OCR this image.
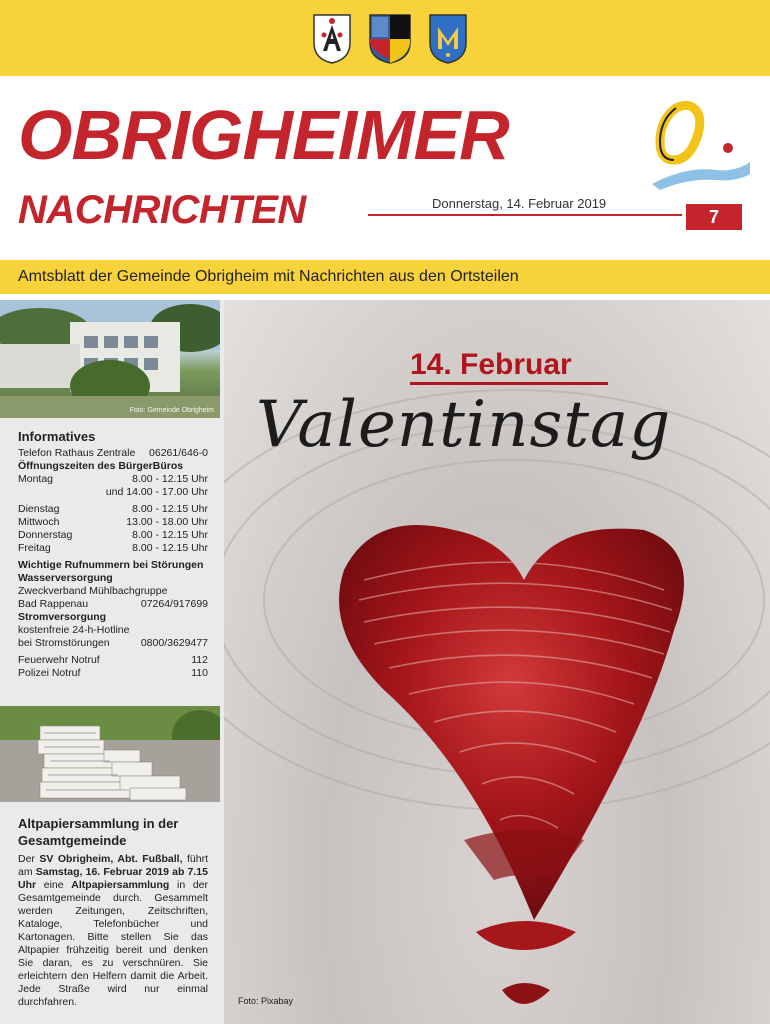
OBRIGHEIMER
NACHRICHTEN	Donnerstag, 14. Februar 2019
7
Amtsblatt der Gemeinde Obrigheim mit Nachrichten aus den Ortsteilen
Foto: Gemeinde Obrigheim
Informatives
Telefon Rathaus Zentrale 06261/646-0
Öffnungszeiten des BürgerBüros
Montag	8.00 - 12.15 Uhr
und 14.00 - 17.00 Uhr
Dienstag	8.00 - 12.15 Uhr
Mittwoch	13.00 - 18.00 Uhr
Donnerstag	8.00 - 12.15 Uhr
Freitag	8.00 - 12.15 Uhr
Wichtige Rufnummern bei Störungen
Wasserversorgung
Zweckverband Mühlbachgruppe
Bad Rappenau	07264/917699
Stromversorgung
kostenfreie 24-h-Hotline
bei Stromstörungen	0800/3629477
Feuerwehr Notruf	112
Polizei Notruf	110
Altpapiersammlung in der Gesamtgemeinde

Der SV Obrigheim, Abt. Fußball, führt am Samstag, 16. Februar 2019 ab 7.15 Uhr eine Altpapiersammlung in der Gesamtgemeinde durch. Gesammelt werden Zeitungen, Zeitschriften, Kataloge, Telefonbücher und Kartonagen. Bitte stellen Sie das Altpapier frühzeitig bereit und denken Sie daran, es zu verschnüren. Sie erleichtern den Helfern damit die Arbeit. Jede Straße wird nur einmal durchfahren.

14. Februar
Valentinstag
Foto: Pixabay
